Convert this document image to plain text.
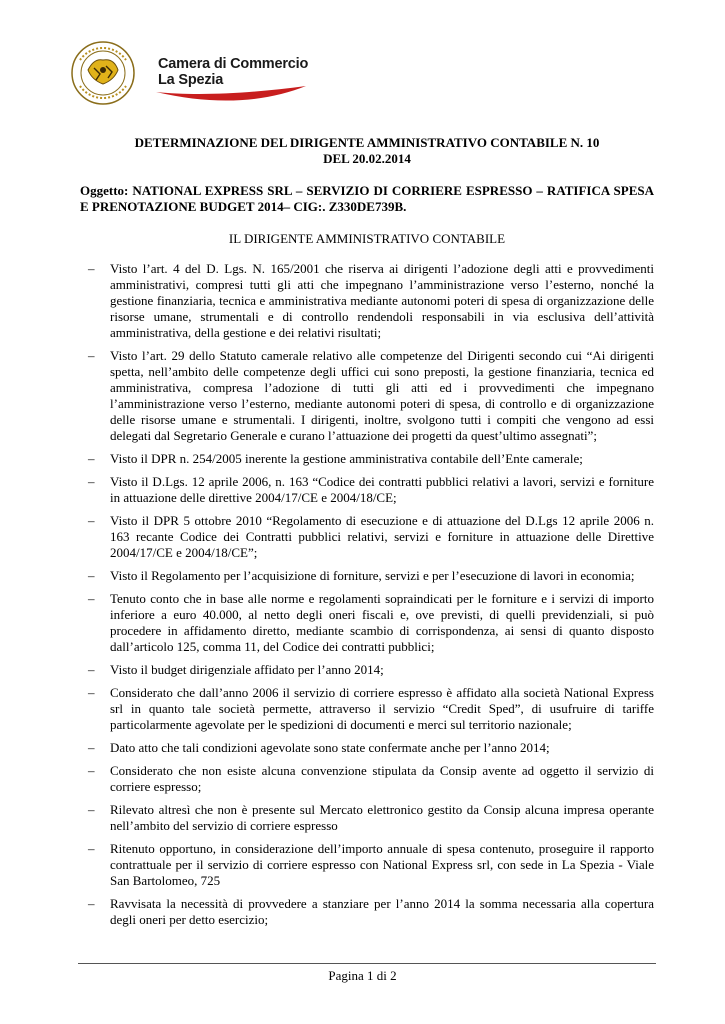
Camera di Commercio
La Spezia

DETERMINAZIONE DEL DIRIGENTE AMMINISTRATIVO CONTABILE N. 10
DEL 20.02.2014

Oggetto: NATIONAL EXPRESS SRL – SERVIZIO DI CORRIERE ESPRESSO – RATIFICA SPESA E PRENOTAZIONE BUDGET 2014– CIG:. Z330DE739B.
IL DIRIGENTE AMMINISTRATIVO CONTABILE
– Visto l’art. 4 del D. Lgs. N. 165/2001 che riserva ai dirigenti l’adozione degli atti e provvedimenti amministrativi, compresi tutti gli atti che impegnano l’amministrazione verso l’esterno, nonché la gestione finanziaria, tecnica e amministrativa mediante autonomi poteri di spesa di organizzazione delle risorse umane, strumentali e di controllo rendendoli responsabili in via esclusiva dell’attività amministrativa, della gestione e dei relativi risultati;
– Visto l’art. 29 dello Statuto camerale relativo alle competenze del Dirigenti secondo cui “Ai dirigenti spetta, nell’ambito delle competenze degli uffici cui sono preposti, la gestione finanziaria, tecnica ed amministrativa, compresa l’adozione di tutti gli atti ed i provvedimenti che impegnano l’amministrazione verso l’esterno, mediante autonomi poteri di spesa, di controllo e di organizzazione delle risorse umane e strumentali. I dirigenti, inoltre, svolgono tutti i compiti che vengono ad essi delegati dal Segretario Generale e curano l’attuazione dei progetti da quest’ultimo assegnati”;
– Visto il DPR n. 254/2005 inerente la gestione amministrativa contabile dell’Ente camerale;
– Visto il D.Lgs. 12 aprile 2006, n. 163 “Codice dei contratti pubblici relativi a lavori, servizi e forniture in attuazione delle direttive 2004/17/CE e 2004/18/CE;
– Visto il DPR 5 ottobre 2010 “Regolamento di esecuzione e di attuazione del D.Lgs 12 aprile 2006 n. 163 recante Codice dei Contratti pubblici relativi, servizi e forniture in attuazione delle Direttive 2004/17/CE e 2004/18/CE”;
– Visto il Regolamento per l’acquisizione di forniture, servizi e per l’esecuzione di lavori in economia;
– Tenuto conto che in base alle norme e regolamenti sopraindicati per le forniture e i servizi di importo inferiore a euro 40.000, al netto degli oneri fiscali e, ove previsti, di quelli previdenziali, si può procedere in affidamento diretto, mediante scambio di corrispondenza, ai sensi di quanto disposto dall’articolo 125, comma 11, del Codice dei contratti pubblici;
– Visto il budget dirigenziale affidato per l’anno 2014;
– Considerato che dall’anno 2006 il servizio di corriere espresso è affidato alla società National Express srl in quanto tale società permette, attraverso il servizio “Credit Sped”, di usufruire di tariffe particolarmente agevolate per le spedizioni di documenti e merci sul territorio nazionale;
– Dato atto che tali condizioni agevolate sono state confermate anche per l’anno 2014;
– Considerato che non esiste alcuna convenzione stipulata da Consip avente ad oggetto il servizio di corriere espresso;
– Rilevato altresì che non è presente sul Mercato elettronico gestito da Consip alcuna impresa operante nell’ambito del servizio di corriere espresso
– Ritenuto opportuno, in considerazione dell’importo annuale di spesa contenuto, proseguire il rapporto contrattuale per il servizio di corriere espresso con National Express srl, con sede in La Spezia - Viale San Bartolomeo, 725
– Ravvisata la necessità di provvedere a stanziare per l’anno 2014 la somma necessaria alla copertura degli oneri per detto esercizio;
Pagina 1 di 2
